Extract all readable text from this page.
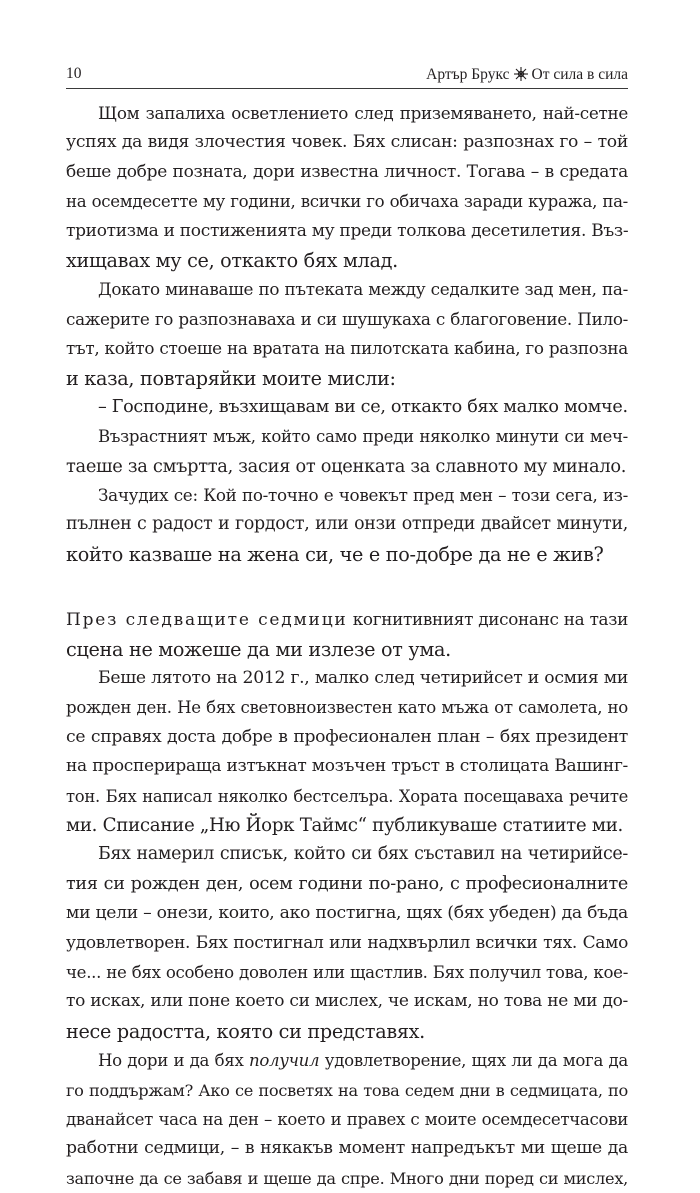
10	Артър Брукс От сила в сила
Щом запалиха осветлението след приземяването, най-сетне
успях да видя злочестия човек. Бях слисан: разпознах го – той
беше добре позната, дори известна личност. Тогава – в средата
на осемдесетте му години, всички го обичаха заради куража, па-
триотизма и постиженията му преди толкова десетилетия. Въз-
хищавах му се, откакто бях млад.
Докато минаваше по пътеката между седалките зад мен, па-
сажерите го разпознаваха и си шушукаха с благоговение. Пило-
тът, който стоеше на вратата на пилотската кабина, го разпозна
и каза, повтаряйки моите мисли:
– Господине, възхищавам ви се, откакто бях малко момче.
Възрастният мъж, който само преди няколко минути си меч-
таеше за смъртта, засия от оценката за славното му минало.
Зачудих се: Кой по-точно е човекът пред мен – този сега, из-
пълнен с радост и гордост, или онзи отпреди двайсет минути,
който казваше на жена си, че е по-добре да не е жив?
През следващите седмици когнитивният дисонанс на тази
сцена не можеше да ми излезе от ума.
Беше лятото на 2012 г., малко след четирийсет и осмия ми
рожден ден. Не бях световноизвестен като мъжа от самолета, но
се справях доста добре в професионален план – бях президент
на просперираща изтъкнат мозъчен тръст в столицата Вашинг-
тон. Бях написал няколко бестселъра. Хората посещаваха речите
ми. Списание „Ню Йорк Таймс“ публикуваше статиите ми.
Бях намерил списък, който си бях съставил на четирийсе-
тия си рожден ден, осем години по-рано, с професионалните
ми цели – онези, които, ако постигна, щях (бях убеден) да бъда
удовлетворен. Бях постигнал или надхвърлил всички тях. Само
че... не бях особено доволен или щастлив. Бях получил това, кое-
то исках, или поне което си мислех, че искам, но това не ми до-
несе радостта, която си представях.
Но дори и да бях получил удовлетворение, щях ли да мога да
го поддържам? Ако се посветях на това седем дни в седмицата, по
дванайсет часа на ден – което и правех с моите осемдесетчасови
работни седмици, – в някакъв момент напредъкът ми щеше да
започне да се забавя и щеше да спре. Много дни поред си мислех,
